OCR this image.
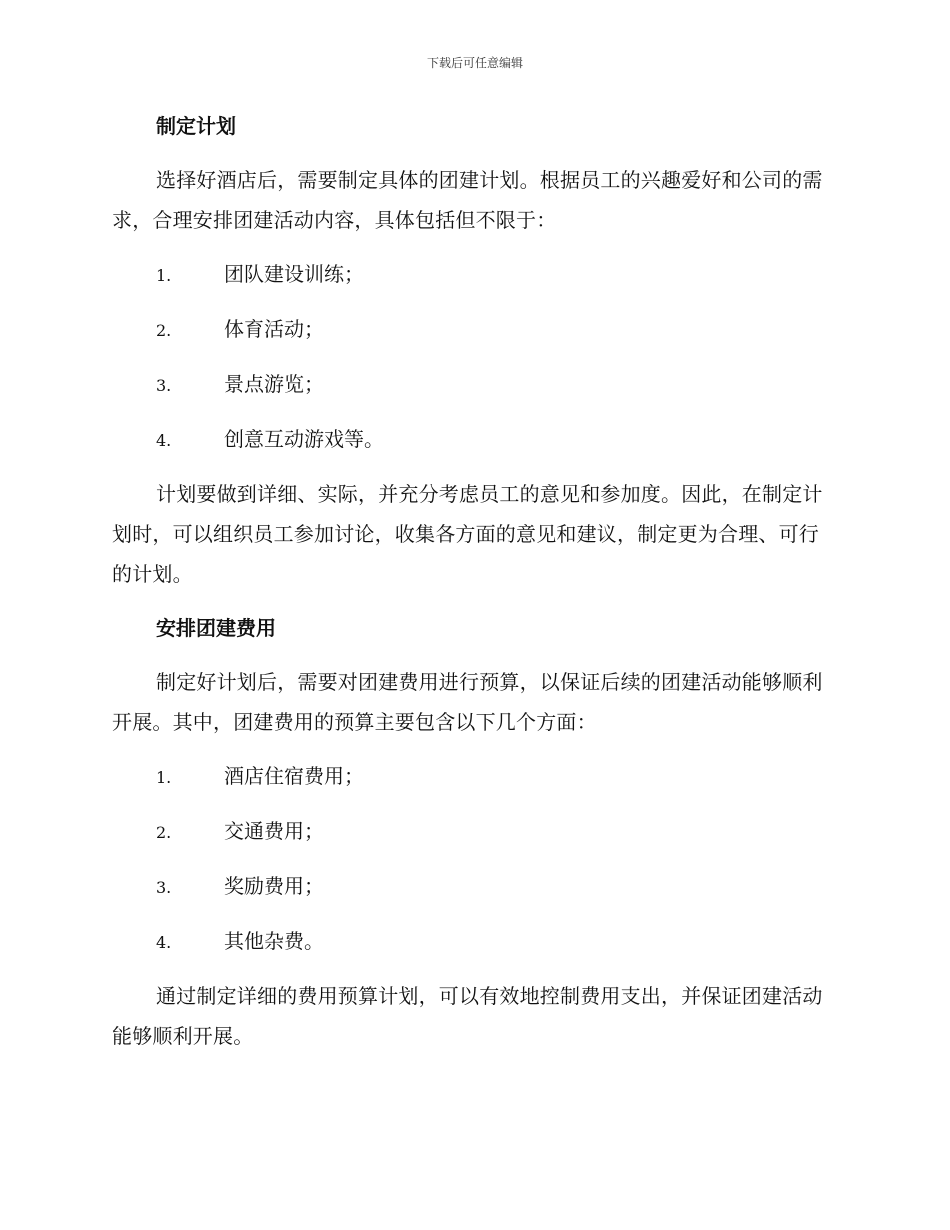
下载后可任意编辑
制定计划

选择好酒店后，需要制定具体的团建计划。根据员工的兴趣爱好和公司的需求，合理安排团建活动内容，具体包括但不限于：

1.	团队建设训练；
2.	体育活动；
3.	景点游览；
4.	创意互动游戏等。

计划要做到详细、实际，并充分考虑员工的意见和参加度。因此，在制定计划时，可以组织员工参加讨论，收集各方面的意见和建议，制定更为合理、可行的计划。

安排团建费用

制定好计划后，需要对团建费用进行预算，以保证后续的团建活动能够顺利开展。其中，团建费用的预算主要包含以下几个方面：

1.	酒店住宿费用；
2.	交通费用；
3.	奖励费用；
4.	其他杂费。

通过制定详细的费用预算计划，可以有效地控制费用支出，并保证团建活动能够顺利开展。
